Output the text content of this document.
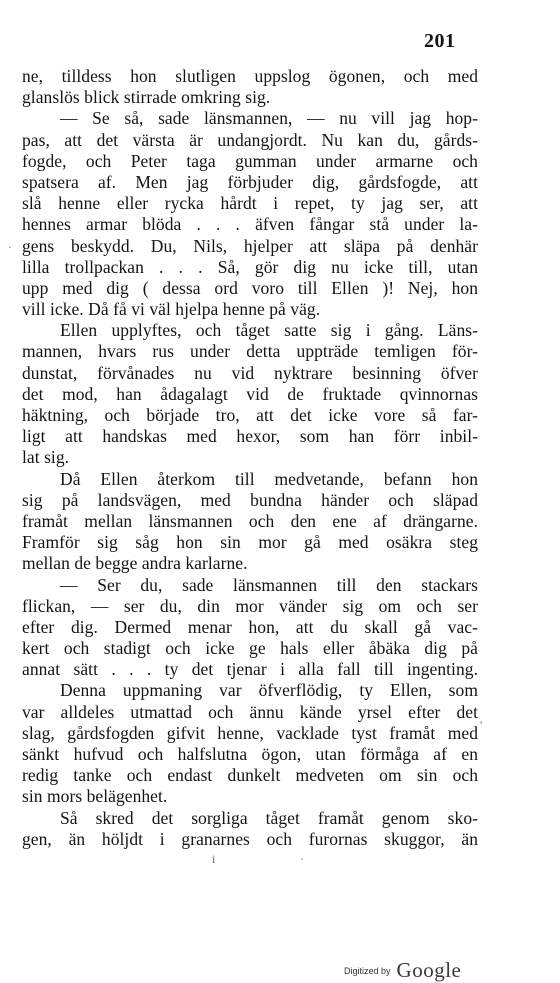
201
ne, tilldess hon slutligen uppslog ögonen, och med
glanslös blick stirrade omkring sig.
— Se så, sade länsmannen, — nu vill jag hop-
pas, att det värsta är undangjordt. Nu kan du, gårds-
fogde, och Peter taga gumman under armarne och
spatsera af. Men jag förbjuder dig, gårdsfogde, att
slå henne eller rycka hårdt i repet, ty jag ser, att
hennes armar blöda . . . äfven fångar stå under la-
gens beskydd. Du, Nils, hjelper att släpa på denhär
lilla trollpackan . . . Så, gör dig nu icke till, utan
upp med dig ( dessa ord voro till Ellen )! Nej, hon
vill icke. Då få vi väl hjelpa henne på väg.
Ellen upplyftes, och tåget satte sig i gång. Läns-
mannen, hvars rus under detta uppträde temligen för-
dunstat, förvånades nu vid nyktrare besinning öfver
det mod, han ådagalagt vid de fruktade qvinnornas
häktning, och började tro, att det icke vore så far-
ligt att handskas med hexor, som han förr inbil-
lat sig.
Då Ellen återkom till medvetande, befann hon
sig på landsvägen, med bundna händer och släpad
framåt mellan länsmannen och den ene af drängarne.
Framför sig såg hon sin mor gå med osäkra steg
mellan de begge andra karlarne.
— Ser du, sade länsmannen till den stackars
flickan, — ser du, din mor vänder sig om och ser
efter dig. Dermed menar hon, att du skall gå vac-
kert och stadigt och icke ge hals eller åbäka dig på
annat sätt . . . ty det tjenar i alla fall till ingenting.
Denna uppmaning var öfverflödig, ty Ellen, som
var alldeles utmattad och ännu kände yrsel efter det
slag, gårdsfogden gifvit henne, vacklade tyst framåt med
sänkt hufvud och halfslutna ögon, utan förmåga af en
redig tanke och endast dunkelt medveten om sin och
sin mors belägenhet.
Så skred det sorgliga tåget framåt genom sko-
gen, än höljdt i granarnes och furornas skuggor, än
·
'
i	·
Digitized by Google
